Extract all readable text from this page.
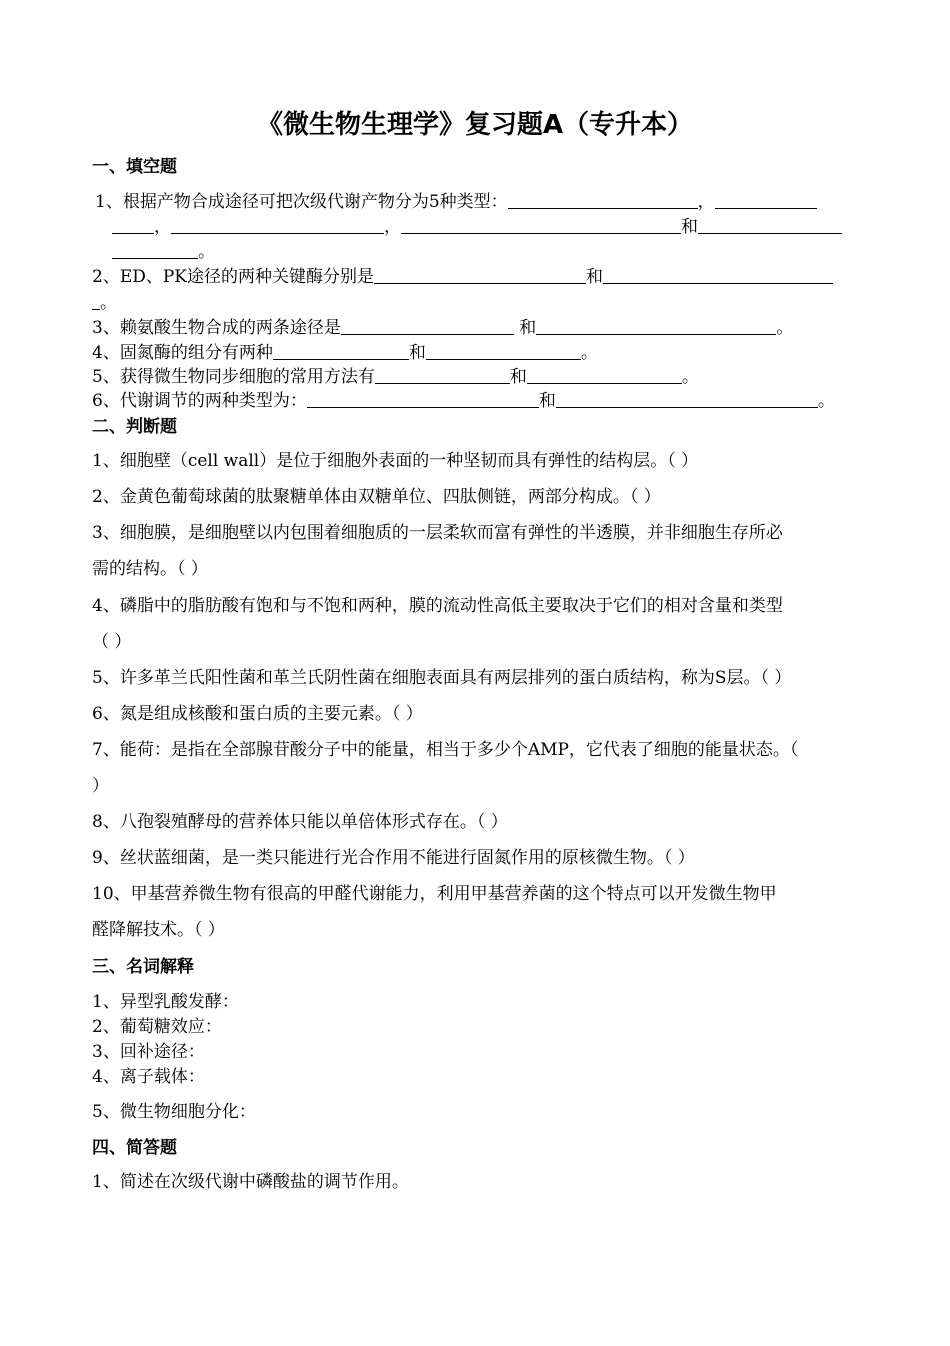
《微生物生理学》复习题A（专升本）
一、填空题
1、根据产物合成途径可把次级代谢产物分为5种类型：	，
，	，	和
。
2、ED、PK途径的两种关键酶分别是	和
。
3、赖氨酸生物合成的两条途径是	和	。
4、固氮酶的组分有两种	和	。
5、获得微生物同步细胞的常用方法有	和	。
6、代谢调节的两种类型为：	和	。
二、判断题
1、细胞壁（cell wall）是位于细胞外表面的一种坚韧而具有弹性的结构层。（ ）
2、金黄色葡萄球菌的肽聚糖单体由双糖单位、四肽侧链，两部分构成。（ ）
3、细胞膜，是细胞壁以内包围着细胞质的一层柔软而富有弹性的半透膜，并非细胞生存所必
需的结构。（ ）
4、磷脂中的脂肪酸有饱和与不饱和两种，膜的流动性高低主要取决于它们的相对含量和类型
（ ）
5、许多革兰氏阳性菌和革兰氏阴性菌在细胞表面具有两层排列的蛋白质结构，称为S层。（ ）
6、氮是组成核酸和蛋白质的主要元素。（ ）
7、能荷：是指在全部腺苷酸分子中的能量，相当于多少个AMP，它代表了细胞的能量状态。（
）
8、八孢裂殖酵母的营养体只能以单倍体形式存在。（ ）
9、丝状蓝细菌，是一类只能进行光合作用不能进行固氮作用的原核微生物。（ ）
10、甲基营养微生物有很高的甲醛代谢能力，利用甲基营养菌的这个特点可以开发微生物甲
醛降解技术。（ ）
三、名词解释
1、异型乳酸发酵：
2、葡萄糖效应：
3、回补途径：
4、离子载体：
5、微生物细胞分化：
四、简答题
1、简述在次级代谢中磷酸盐的调节作用。
